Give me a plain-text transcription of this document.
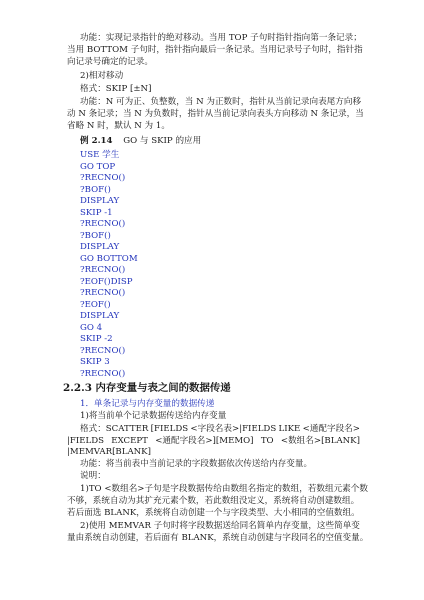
功能：实现记录指针的绝对移动。当用 TOP 子句时指针指向第一条记录；
当用 BOTTOM 子句时，指针指向最后一条记录。当用记录号子句时，指针指
向记录号确定的记录。
2)相对移动
格式：SKIP [±N]
功能：N 可为正、负整数，当 N 为正数时，指针从当前记录向表尾方向移
动 N 条记录；当 N 为负数时，指针从当前记录向表头方向移动 N 条记录，当
省略 N 时，默认 N 为 1。
例 2.14 GO 与 SKIP 的应用
USE 学生
GO TOP
?RECNO()
?BOF()
DISPLAY
SKIP -1
?RECNO()
?BOF()
DISPLAY
GO BOTTOM
?RECNO()
?EOF()DISP
?RECNO()
?EOF()
DISPLAY
GO 4
SKIP -2
?RECNO()
SKIP 3
?RECNO()
2.2.3 内存变量与表之间的数据传递
1．单条记录与内存变量的数据传递
1)将当前单个记录数据传送给内存变量
格式：SCATTER [FIELDS <字段名表>|FIELDS LIKE <通配字段名>
|FIELDS EXCEPT <通配字段名>][MEMO] TO <数组名>[BLANK]
|MEMVAR[BLANK]
功能：将当前表中当前记录的字段数据依次传送给内存变量。
说明：
1)TO <数组名>子句是字段数据传给由数组名指定的数组，若数组元素个数
不够，系统自动为其扩充元素个数，若此数组没定义，系统将自动创建数组。
若后面选 BLANK，系统将自动创建一个与字段类型、大小相同的空值数组。
2)使用 MEMVAR 子句时将字段数据送给同名简单内存变量，这些简单变
量由系统自动创建，若后面有 BLANK，系统自动创建与字段同名的空值变量。
